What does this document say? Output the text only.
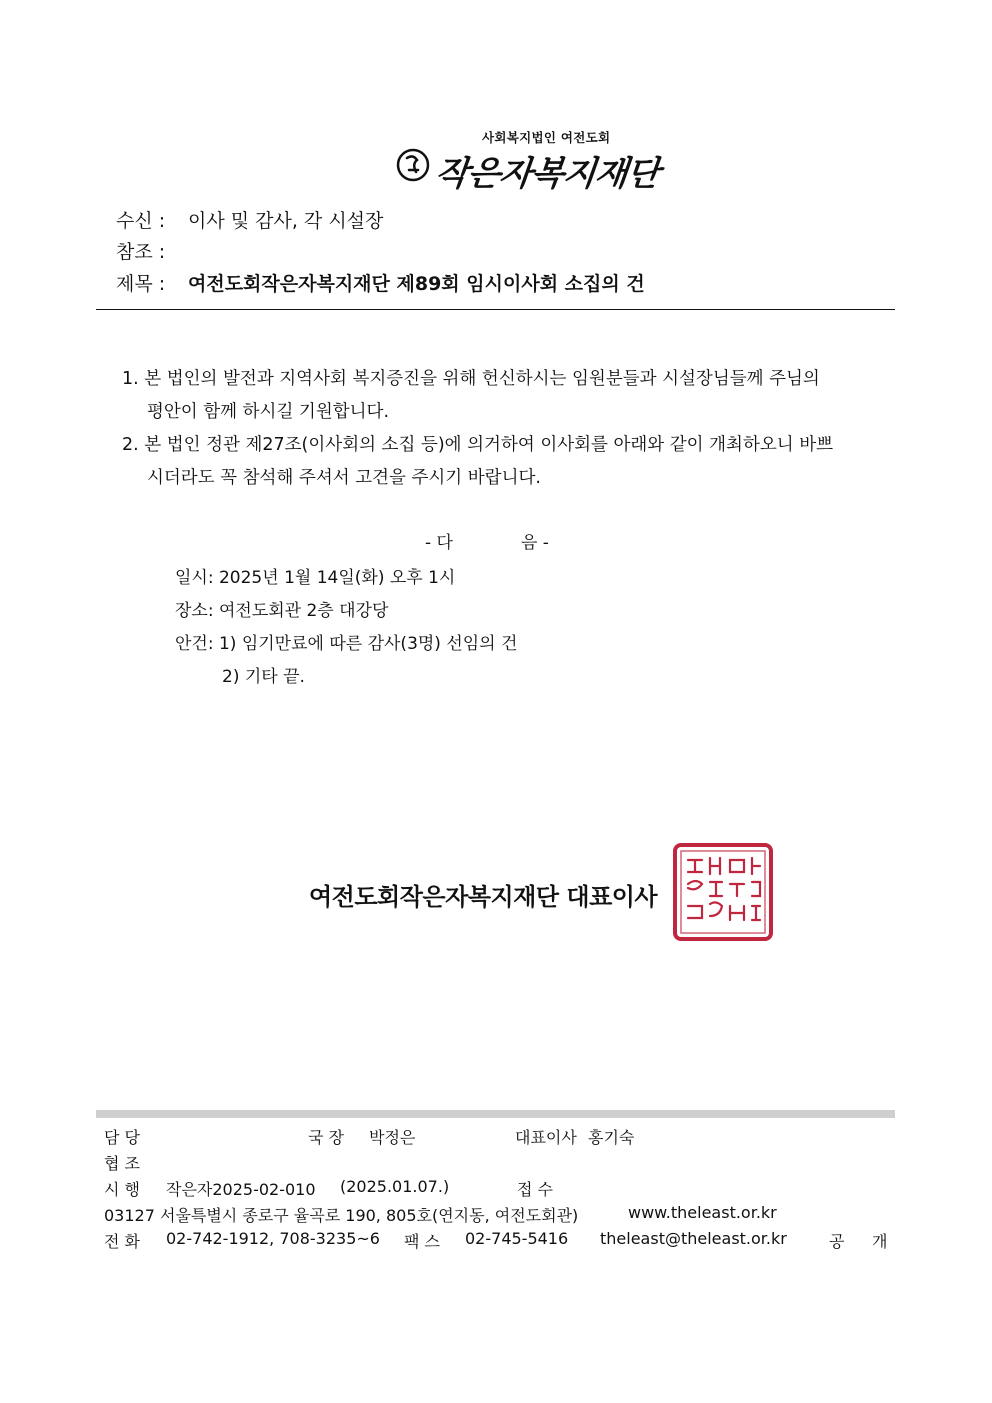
사회복지법인 여전도회
작은자복지재단
수신 : 이사 및 감사, 각 시설장
참조 :
제목 : 여전도회작은자복지재단 제89회 임시이사회 소집의 건
1. 본 법인의 발전과 지역사회 복지증진을 위해 헌신하시는 임원분들과 시설장님들께 주님의
평안이 함께 하시길 기원합니다.
2. 본 법인 정관 제27조(이사회의 소집 등)에 의거하여 이사회를 아래와 같이 개최하오니 바쁘
시더라도 꼭 참석해 주셔서 고견을 주시기 바랍니다.
- 다	음 -
일시: 2025년 1월 14일(화) 오후 1시
장소: 여전도회관 2층 대강당
안건: 1) 임기만료에 따른 감사(3명) 선임의 건
2) 기타 끝.
여전도회작은자복지재단 대표이사
담 당	국 장 박정은	대표이사 홍기숙
협 조
시 행 작은자2025-02-010 (2025.01.07.)	접 수
03127 서울특별시 종로구 율곡로 190, 805호(연지동, 여전도회관)	www.theleast.or.kr
전 화 02-742-1912, 708-3235~6 팩 스 02-745-5416 theleast@theleast.or.kr	공 개
